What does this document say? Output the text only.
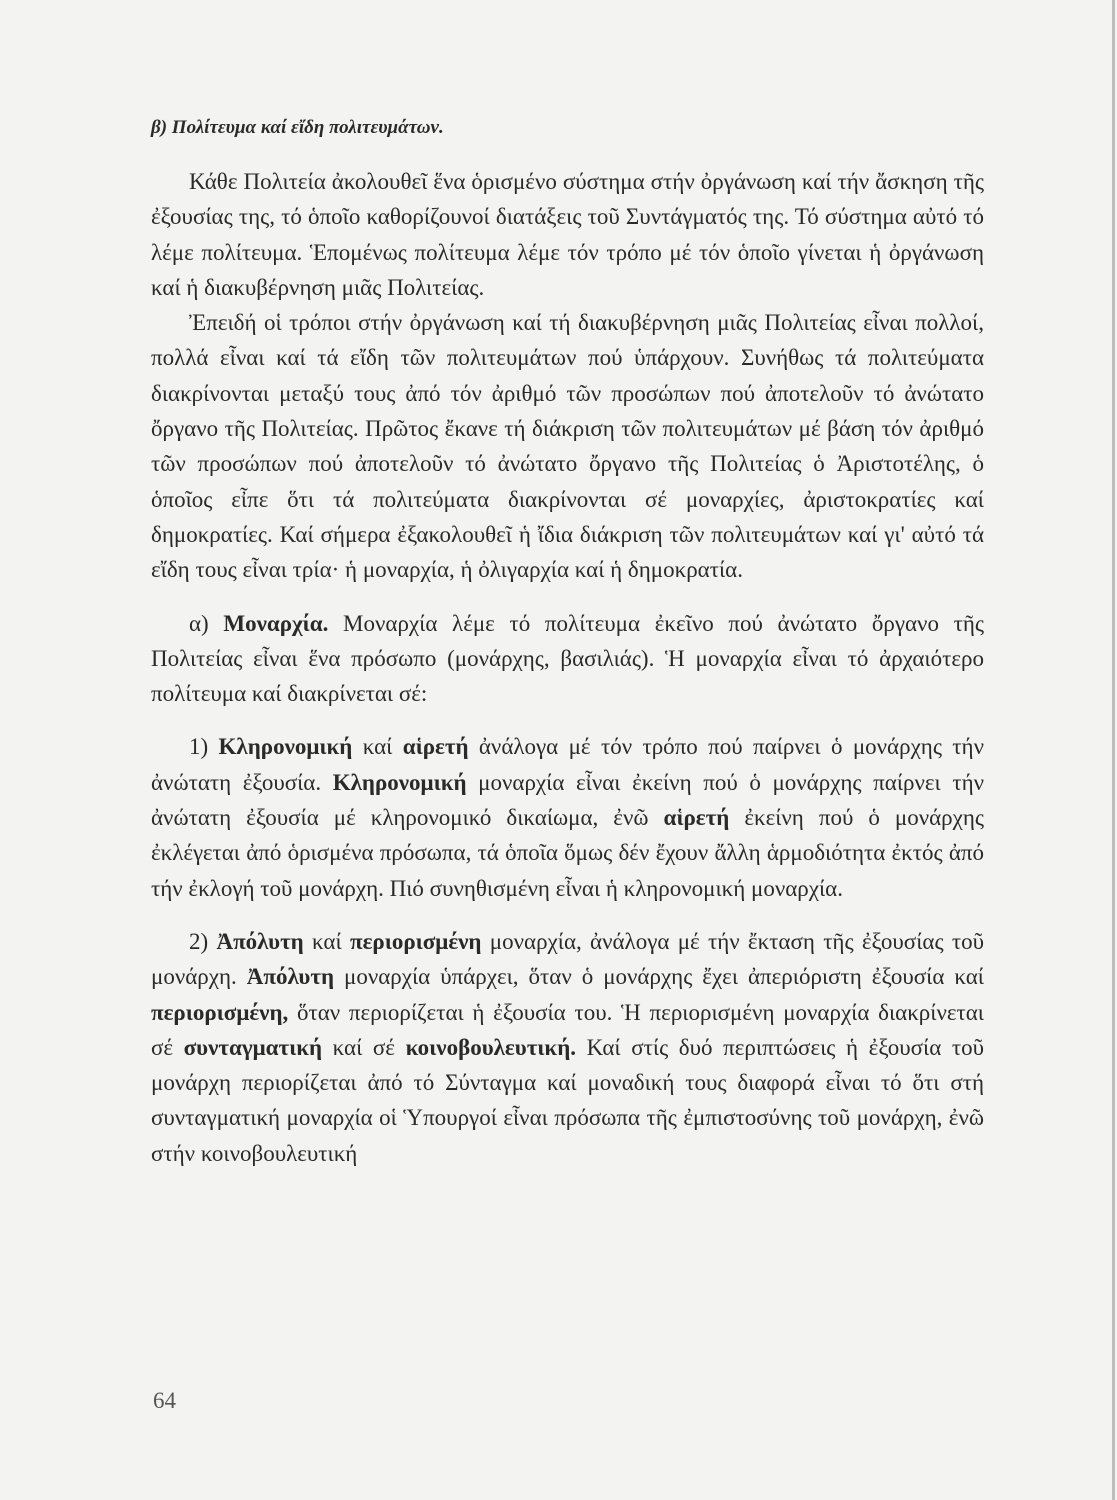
β) Πολίτευμα καί εἴδη πολιτευμάτων.

Κάθε Πολιτεία ἀκολουθεῖ ἕνα ὁρισμένο σύστημα στήν ὀργάνωση καί τήν ἄσκηση τῆς ἐξουσίας της, τό ὁποῖο καθορίζουνοί διατάξεις τοῦ Συντάγματός της. Τό σύστημα αὐτό τό λέμε πολίτευμα. Ἑπομένως πολίτευμα λέμε τόν τρόπο μέ τόν ὁποῖο γίνεται ἡ ὀργάνωση καί ἡ διακυβέρνηση μιᾶς Πολιτείας.

Ἐπειδή οἱ τρόποι στήν ὀργάνωση καί τή διακυβέρνηση μιᾶς Πολιτείας εἶναι πολλοί, πολλά εἶναι καί τά εἴδη τῶν πολιτευμάτων πού ὑπάρχουν. Συνήθως τά πολιτεύματα διακρίνονται μεταξύ τους ἀπό τόν ἀριθμό τῶν προσώπων πού ἀποτελοῦν τό ἀνώτατο ὄργανο τῆς Πολιτείας. Πρῶτος ἔκανε τή διάκριση τῶν πολιτευμάτων μέ βάση τόν ἀριθμό τῶν προσώπων πού ἀποτελοῦν τό ἀνώτατο ὄργανο τῆς Πολιτείας ὁ Ἀριστοτέλης, ὁ ὁποῖος εἶπε ὅτι τά πολιτεύματα διακρίνονται σέ μοναρχίες, ἀριστοκρατίες καί δημοκρατίες. Καί σήμερα ἐξακολουθεῖ ἡ ἴδια διάκριση τῶν πολιτευμάτων καί γι' αὐτό τά εἴδη τους εἶναι τρία· ἡ μοναρχία, ἡ ὀλιγαρχία καί ἡ δημοκρατία.

α) Μοναρχία. Μοναρχία λέμε τό πολίτευμα ἐκεῖνο πού ἀνώτατο ὄργανο τῆς Πολιτείας εἶναι ἕνα πρόσωπο (μονάρχης, βασιλιάς). Ἡ μοναρχία εἶναι τό ἀρχαιότερο πολίτευμα καί διακρίνεται σέ:

1) Κληρονομική καί αἱρετή ἀνάλογα μέ τόν τρόπο πού παίρνει ὁ μονάρχης τήν ἀνώτατη ἐξουσία. Κληρονομική μοναρχία εἶναι ἐκείνη πού ὁ μονάρχης παίρνει τήν ἀνώτατη ἐξουσία μέ κληρονομικό δικαίωμα, ἐνῶ αἱρετή ἐκείνη πού ὁ μονάρχης ἐκλέγεται ἀπό ὁρισμένα πρόσωπα, τά ὁποῖα ὅμως δέν ἔχουν ἄλλη ἁρμοδιότητα ἐκτός ἀπό τήν ἐκλογή τοῦ μονάρχη. Πιό συνηθισμένη εἶναι ἡ κληρονομική μοναρχία.

2) Ἀπόλυτη καί περιορισμένη μοναρχία, ἀνάλογα μέ τήν ἔκταση τῆς ἐξουσίας τοῦ μονάρχη. Ἀπόλυτη μοναρχία ὑπάρχει, ὅταν ὁ μονάρχης ἔχει ἀπεριόριστη ἐξουσία καί περιορισμένη, ὅταν περιορίζεται ἡ ἐξουσία του. Ἡ περιορισμένη μοναρχία διακρίνεται σέ συνταγματική καί σέ κοινοβουλευτική. Καί στίς δυό περιπτώσεις ἡ ἐξουσία τοῦ μονάρχη περιορίζεται ἀπό τό Σύνταγμα καί μοναδική τους διαφορά εἶναι τό ὅτι στή συνταγματική μοναρχία οἱ Ὑπουργοί εἶναι πρόσωπα τῆς ἐμπιστοσύνης τοῦ μονάρχη, ἐνῶ στήν κοινοβουλευτική

64
